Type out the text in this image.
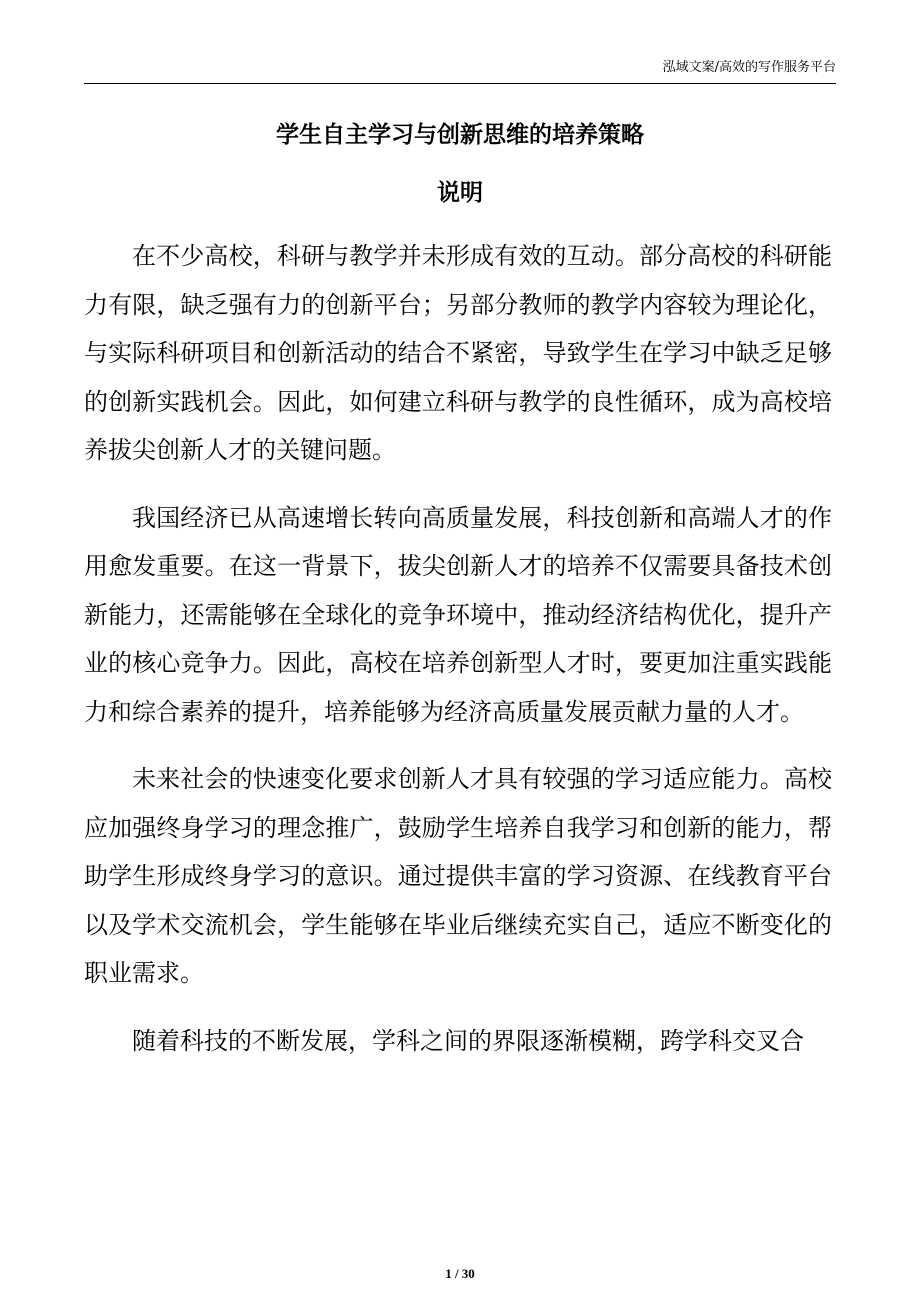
泓域文案/高效的写作服务平台
学生自主学习与创新思维的培养策略
说明

在不少高校，科研与教学并未形成有效的互动。部分高校的科研能力有限，缺乏强有力的创新平台；另部分教师的教学内容较为理论化，与实际科研项目和创新活动的结合不紧密，导致学生在学习中缺乏足够的创新实践机会。因此，如何建立科研与教学的良性循环，成为高校培养拔尖创新人才的关键问题。

我国经济已从高速增长转向高质量发展，科技创新和高端人才的作用愈发重要。在这一背景下，拔尖创新人才的培养不仅需要具备技术创新能力，还需能够在全球化的竞争环境中，推动经济结构优化，提升产业的核心竞争力。因此，高校在培养创新型人才时，要更加注重实践能力和综合素养的提升，培养能够为经济高质量发展贡献力量的人才。

未来社会的快速变化要求创新人才具有较强的学习适应能力。高校应加强终身学习的理念推广，鼓励学生培养自我学习和创新的能力，帮助学生形成终身学习的意识。通过提供丰富的学习资源、在线教育平台以及学术交流机会，学生能够在毕业后继续充实自己，适应不断变化的职业需求。

随着科技的不断发展，学科之间的界限逐渐模糊，跨学科交叉合

1 / 30
